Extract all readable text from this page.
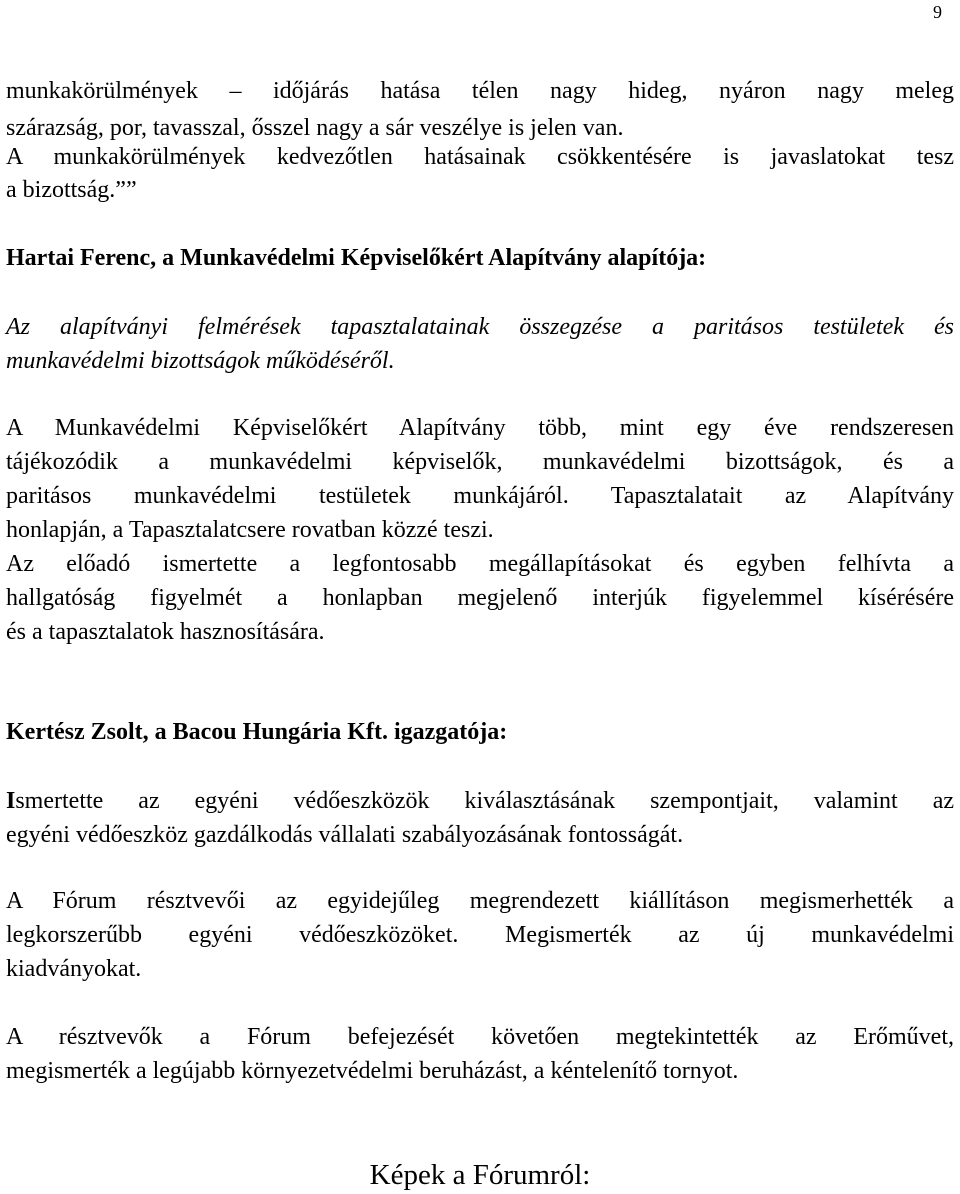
9
munkakörülmények – időjárás hatása télen nagy hideg, nyáron nagy meleg
szárazság, por, tavasszal, ősszel nagy a sár veszélye is jelen van.
A munkakörülmények kedvezőtlen hatásainak csökkentésére is javaslatokat tesz
a bizottság.””
Hartai Ferenc, a Munkavédelmi Képviselőkért Alapítvány alapítója:
Az alapítványi felmérések tapasztalatainak összegzése a paritásos testületek és
munkavédelmi bizottságok működéséről.
A Munkavédelmi Képviselőkért Alapítvány több, mint egy éve rendszeresen
tájékozódik a munkavédelmi képviselők, munkavédelmi bizottságok, és a
paritásos munkavédelmi testületek munkájáról. Tapasztalatait az Alapítvány
honlapján, a Tapasztalatcsere rovatban közzé teszi.
Az előadó ismertette a legfontosabb megállapításokat és egyben felhívta a
hallgatóság figyelmét a honlapban megjelenő interjúk figyelemmel kísérésére
és a tapasztalatok hasznosítására.
Kertész Zsolt, a Bacou Hungária Kft. igazgatója:
Ismertette az egyéni védőeszközök kiválasztásának szempontjait, valamint az
egyéni védőeszköz gazdálkodás vállalati szabályozásának fontosságát.
A Fórum résztvevői az egyidejűleg megrendezett kiállításon megismerhették a
legkorszerűbb egyéni védőeszközöket. Megismerték az új munkavédelmi
kiadványokat.
A résztvevők a Fórum befejezését követően megtekintették az Erőművet,
megismerték a legújabb környezetvédelmi beruházást, a kéntelenítő tornyot.
Képek a Fórumról:
